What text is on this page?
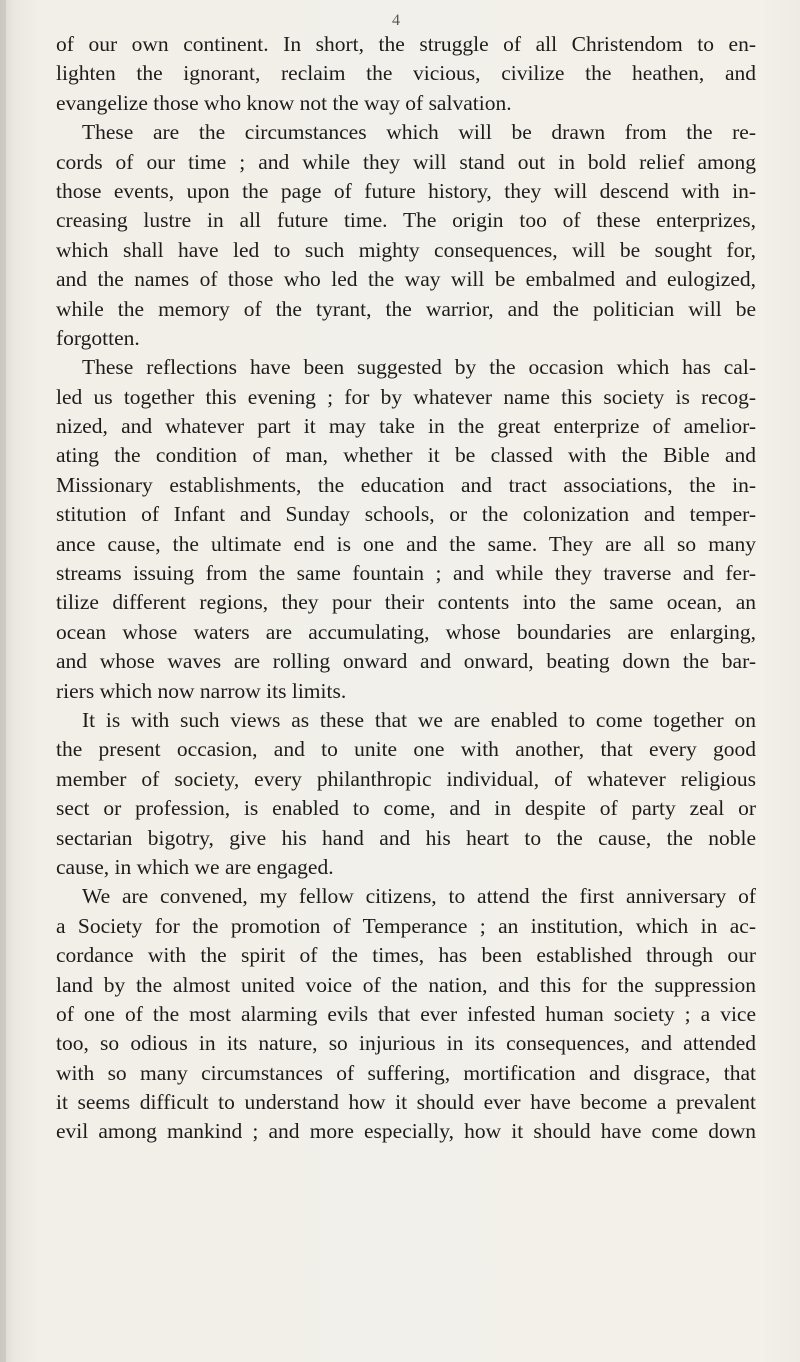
4
of our own continent. In short, the struggle of all Christendom to en-
lighten the ignorant, reclaim the vicious, civilize the heathen, and
evangelize those who know not the way of salvation.
These are the circumstances which will be drawn from the re-
cords of our time ; and while they will stand out in bold relief among
those events, upon the page of future history, they will descend with in-
creasing lustre in all future time. The origin too of these enterprizes,
which shall have led to such mighty consequences, will be sought for,
and the names of those who led the way will be embalmed and eulogized,
while the memory of the tyrant, the warrior, and the politician will be
forgotten.
These reflections have been suggested by the occasion which has cal-
led us together this evening ; for by whatever name this society is recog-
nized, and whatever part it may take in the great enterprize of amelior-
ating the condition of man, whether it be classed with the Bible and
Missionary establishments, the education and tract associations, the in-
stitution of Infant and Sunday schools, or the colonization and temper-
ance cause, the ultimate end is one and the same. They are all so many
streams issuing from the same fountain ; and while they traverse and fer-
tilize different regions, they pour their contents into the same ocean, an
ocean whose waters are accumulating, whose boundaries are enlarging,
and whose waves are rolling onward and onward, beating down the bar-
riers which now narrow its limits.
It is with such views as these that we are enabled to come together on
the present occasion, and to unite one with another, that every good
member of society, every philanthropic individual, of whatever religious
sect or profession, is enabled to come, and in despite of party zeal or
sectarian bigotry, give his hand and his heart to the cause, the noble
cause, in which we are engaged.
We are convened, my fellow citizens, to attend the first anniversary of
a Society for the promotion of Temperance ; an institution, which in ac-
cordance with the spirit of the times, has been established through our
land by the almost united voice of the nation, and this for the suppression
of one of the most alarming evils that ever infested human society ; a vice
too, so odious in its nature, so injurious in its consequences, and attended
with so many circumstances of suffering, mortification and disgrace, that
it seems difficult to understand how it should ever have become a prevalent
evil among mankind ; and more especially, how it should have come down
